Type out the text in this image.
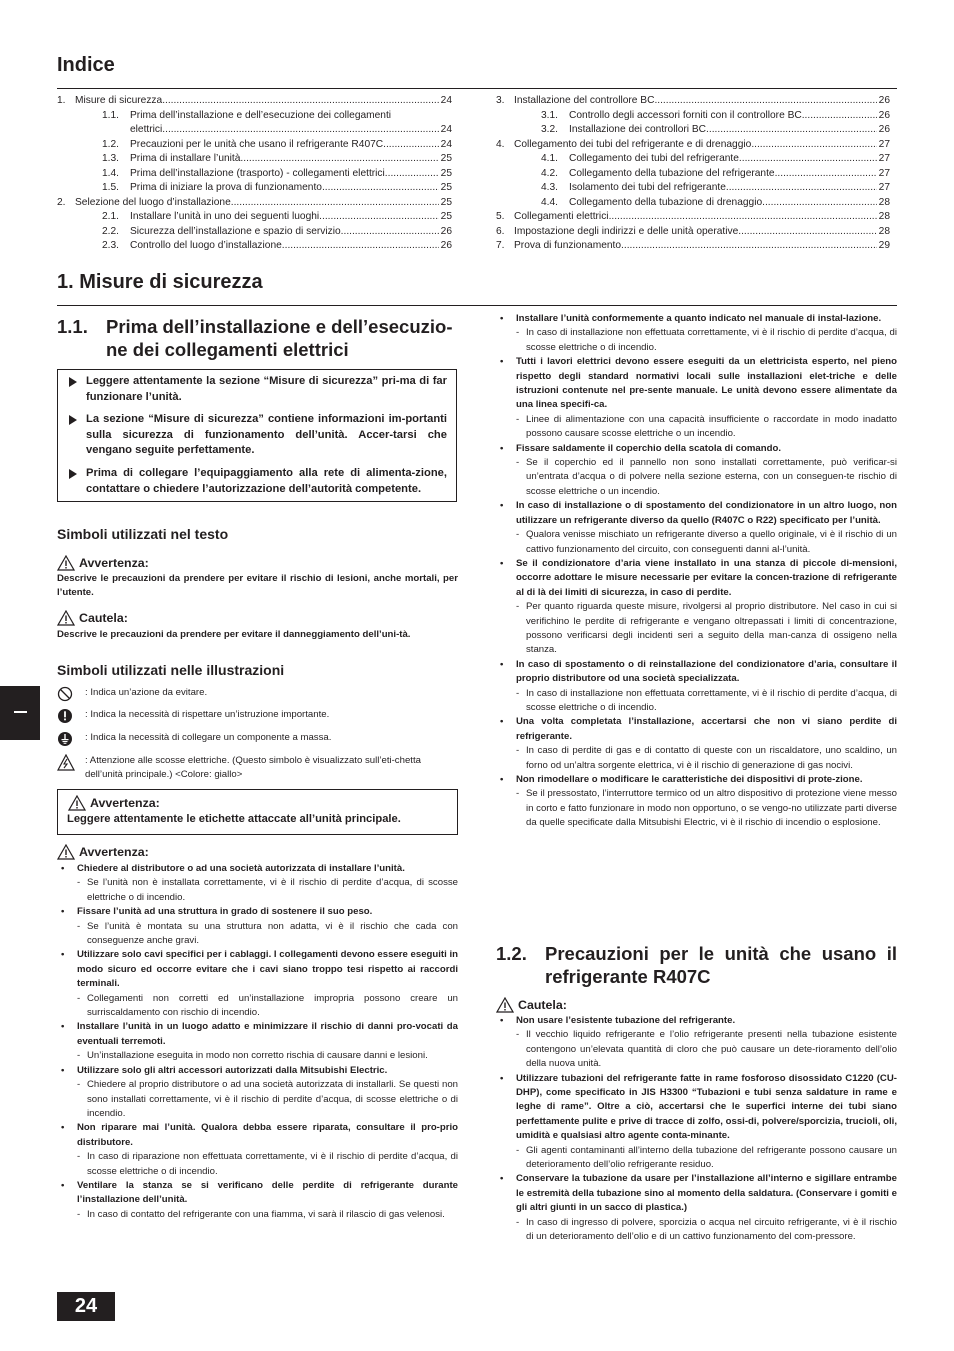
Indice
1. Misure di sicurezza .....	24
1.1.	Prima dell’installazione e dell’esecuzione dei collegamenti
elettrici .....	24
1.2.	Precauzioni per le unità che usano il refrigerante R407C .....	24
1.3.	Prima di installare l’unità .....	25
1.4.	Prima dell’installazione (trasporto) - collegamenti elettrici .....	25
1.5.	Prima di iniziare la prova di funzionamento .....	25
2. Selezione del luogo d’installazione .....	25
2.1.	Installare l’unità in uno dei seguenti luoghi .....	25
2.2.	Sicurezza dell’installazione e spazio di servizio .....	26
2.3.	Controllo del luogo d’installazione .....	26
3. Installazione del controllore BC .....	26
3.1.	Controllo degli accessori forniti con il controllore BC .....	26
3.2.	Installazione dei controllori BC .....	26
4. Collegamento dei tubi del refrigerante e di drenaggio .....	27
4.1.	Collegamento dei tubi del refrigerante .....	27
4.2.	Collegamento della tubazione del refrigerante .....	27
4.3.	Isolamento dei tubi del refrigerante .....	27
4.4.	Collegamento della tubazione di drenaggio .....	28
5. Collegamenti elettrici .....	28
6. Impostazione degli indirizzi e delle unità operative .....	28
7. Prova di funzionamento .....	29
1. Misure di sicurezza
1.1. Prima dell’installazione e dell’esecuzio-
ne dei collegamenti elettrici
Leggere attentamente la sezione “Misure di sicurezza” pri-ma di far funzionare l’unità.
La sezione “Misure di sicurezza” contiene informazioni im-portanti sulla sicurezza di funzionamento dell’unità. Accer-tarsi che vengano seguite perfettamente.
Prima di collegare l’equipaggiamento alla rete di alimenta-zione, contattare o chiedere l’autorizzazione dell’autorità competente.
Simboli utilizzati nel testo
Avvertenza:
Descrive le precauzioni da prendere per evitare il rischio di lesioni, anche mortali, per l’utente.
Cautela:
Descrive le precauzioni da prendere per evitare il danneggiamento dell’uni-tà.
Simboli utilizzati nelle illustrazioni
: Indica un’azione da evitare.
: Indica la necessità di rispettare un’istruzione importante.
: Indica la necessità di collegare un componente a massa.
: Attenzione alle scosse elettriche. (Questo simbolo è visualizzato sull’eti-chetta dell’unità principale.) <Colore: giallo>
Avvertenza:
Leggere attentamente le etichette attaccate all’unità principale.
Avvertenza:
• Chiedere al distributore o ad una società autorizzata di installare l’unità.
- Se l’unità non è installata correttamente, vi è il rischio di perdite d’acqua, di scosse elettriche o di incendio.
• Fissare l’unità ad una struttura in grado di sostenere il suo peso.
- Se l’unità è montata su una struttura non adatta, vi è il rischio che cada con conseguenze anche gravi.
• Utilizzare solo cavi specifici per i cablaggi. I collegamenti devono essere eseguiti in modo sicuro ed occorre evitare che i cavi siano troppo tesi rispetto ai raccordi terminali.
- Collegamenti non corretti ed un’installazione impropria possono creare un surriscaldamento con rischio di incendio.
• Installare l’unità in un luogo adatto e minimizzare il rischio di danni pro-vocati da eventuali terremoti.
- Un’installazione eseguita in modo non corretto rischia di causare danni e lesioni.
• Utilizzare solo gli altri accessori autorizzati dalla Mitsubishi Electric.
- Chiedere al proprio distributore o ad una società autorizzata di installarli. Se questi non sono installati correttamente, vi è il rischio di perdite d’acqua, di scosse elettriche o di incendio.
• Non riparare mai l’unità. Qualora debba essere riparata, consultare il pro-prio distributore.
- In caso di riparazione non effettuata correttamente, vi è il rischio di perdite d’acqua, di scosse elettriche o di incendio.
• Ventilare la stanza se si verificano delle perdite di refrigerante durante l’installazione dell’unità.
- In caso di contatto del refrigerante con una fiamma, vi sarà il rilascio di gas velenosi.
• Installare l’unità conformemente a quanto indicato nel manuale di instal-lazione.
- In caso di installazione non effettuata correttamente, vi è il rischio di perdite d’acqua, di scosse elettriche o di incendio.
• Tutti i lavori elettrici devono essere eseguiti da un elettricista esperto, nel pieno rispetto degli standard normativi locali sulle installazioni elet-triche e delle istruzioni contenute nel pre-sente manuale. Le unità devono essere alimentate da una linea specifi-ca.
- Linee di alimentazione con una capacità insufficiente o raccordate in modo inadatto possono causare scosse elettriche o un incendio.
• Fissare saldamente il coperchio della scatola di comando.
- Se il coperchio ed il pannello non sono installati correttamente, può verificar-si un’entrata d’acqua o di polvere nella sezione esterna, con un conseguen-te rischio di scosse elettriche o un incendio.
• In caso di installazione o di spostamento del condizionatore in un altro luogo, non utilizzare un refrigerante diverso da quello (R407C o R22) specificato per l’unità.
- Qualora venisse mischiato un refrigerante diverso a quello originale, vi è il rischio di un cattivo funzionamento del circuito, con conseguenti danni al-l’unità.
• Se il condizionatore d’aria viene installato in una stanza di piccole di-mensioni, occorre adottare le misure necessarie per evitare la concen-trazione di refrigerante al di là dei limiti di sicurezza, in caso di perdite.
- Per quanto riguarda queste misure, rivolgersi al proprio distributore. Nel caso in cui si verifichino le perdite di refrigerante e vengano oltrepassati i limiti di concentrazione, possono verificarsi degli incidenti seri a seguito della man-canza di ossigeno nella stanza.
• In caso di spostamento o di reinstallazione del condizionatore d’aria, consultare il proprio distributore od una società specializzata.
- In caso di installazione non effettuata correttamente, vi è il rischio di perdite d’acqua, di scosse elettriche o di incendio.
• Una volta completata l’installazione, accertarsi che non vi siano perdite di refrigerante.
- In caso di perdite di gas e di contatto di queste con un riscaldatore, uno scaldino, un forno od un’altra sorgente elettrica, vi è il rischio di generazione di gas nocivi.
• Non rimodellare o modificare le caratteristiche dei dispositivi di prote-zione.
- Se il pressostato, l’interruttore termico od un altro dispositivo di protezione viene messo in corto e fatto funzionare in modo non opportuno, o se vengo-no utilizzate parti diverse da quelle specificate dalla Mitsubishi Electric, vi è il rischio di incendio o esplosione.
1.2. Precauzioni per le unità che usano il
refrigerante R407C
Cautela:
• Non usare l’esistente tubazione del refrigerante.
- Il vecchio liquido refrigerante e l’olio refrigerante presenti nella tubazione esistente contengono un’elevata quantità di cloro che può causare un dete-rioramento dell’olio della nuova unità.
• Utilizzare tubazioni del refrigerante fatte in rame fosforoso disossidato C1220 (CU-DHP), come specificato in JIS H3300 “Tubazioni e tubi senza saldature in rame e leghe di rame”. Oltre a ciò, accertarsi che le superfici interne dei tubi siano perfettamente pulite e prive di tracce di zolfo, ossi-di, polvere/sporcizia, trucioli, oli, umidità e qualsiasi altro agente conta-minante.
- Gli agenti contaminanti all’interno della tubazione del refrigerante possono causare un deterioramento dell’olio refrigerante residuo.
• Conservare la tubazione da usare per l’installazione all’interno e sigillare entrambe le estremità della tubazione sino al momento della saldatura. (Conservare i gomiti e gli altri giunti in un sacco di plastica.)
- In caso di ingresso di polvere, sporcizia o acqua nel circuito refrigerante, vi è il rischio di un deterioramento dell’olio e di un cattivo funzionamento del com-pressore.
24
